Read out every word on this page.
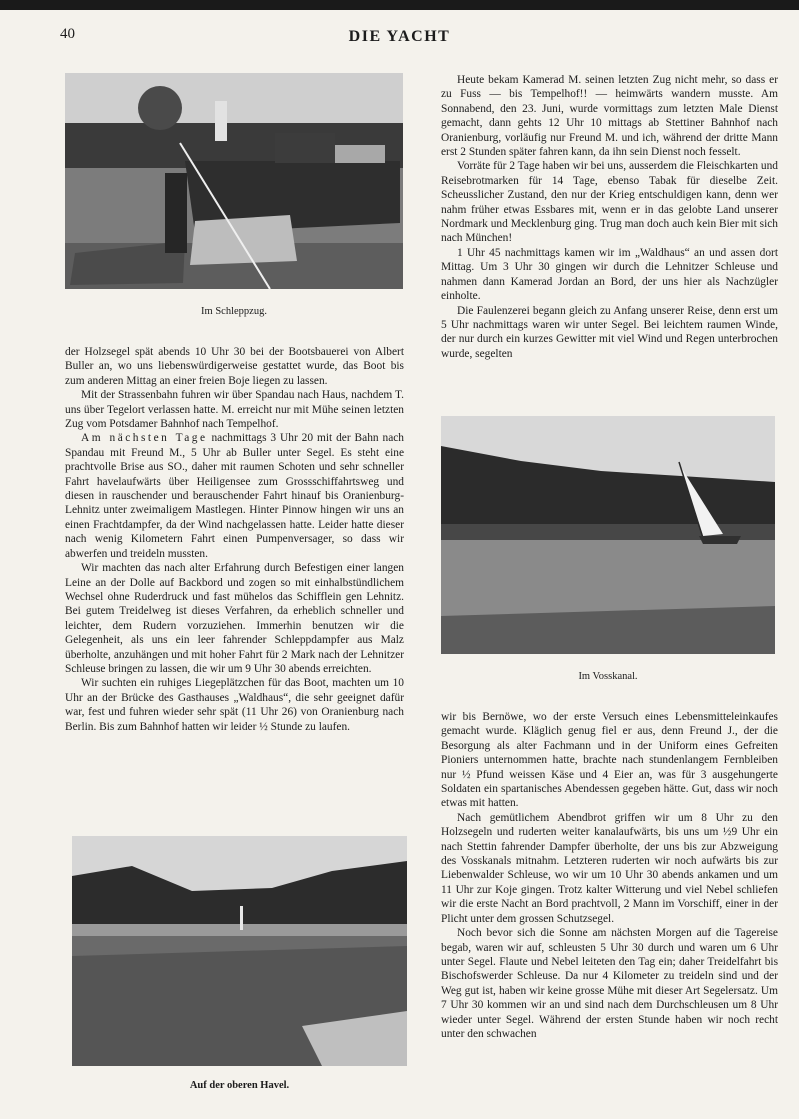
40	DIE YACHT
Im Schleppzug.

der Holzsegel spät abends 10 Uhr 30 bei der Bootsbauerei von Albert Buller an, wo uns liebenswürdigerweise gestattet wurde, das Boot bis zum anderen Mittag an einer freien Boje liegen zu lassen.

Mit der Strassenbahn fuhren wir über Spandau nach Haus, nachdem T. uns über Tegelort verlassen hatte. M. erreicht nur mit Mühe seinen letzten Zug vom Potsdamer Bahnhof nach Tempelhof.

Am nächsten Tage nachmittags 3 Uhr 20 mit der Bahn nach Spandau mit Freund M., 5 Uhr ab Buller unter Segel. Es steht eine prachtvolle Brise aus SO., daher mit raumen Schoten und sehr schneller Fahrt havelaufwärts über Heiligensee zum Grossschiffahrtsweg und diesen in rauschender und berauschender Fahrt hinauf bis Oranienburg-Lehnitz unter zweimaligem Mastlegen. Hinter Pinnow hingen wir uns an einen Frachtdampfer, da der Wind nachgelassen hatte. Leider hatte dieser nach wenig Kilometern Fahrt einen Pumpenversager, so dass wir abwerfen und treideln mussten.

Wir machten das nach alter Erfahrung durch Befestigen einer langen Leine an der Dolle auf Backbord und zogen so mit einhalbstündlichem Wechsel ohne Ruderdruck und fast mühelos das Schifflein gen Lehnitz. Bei gutem Treidelweg ist dieses Verfahren, da erheblich schneller und leichter, dem Rudern vorzuziehen. Immerhin benutzen wir die Gelegenheit, als uns ein leer fahrender Schleppdampfer aus Malz überholte, anzuhängen und mit hoher Fahrt für 2 Mark nach der Lehnitzer Schleuse bringen zu lassen, die wir um 9 Uhr 30 abends erreichten.

Wir suchten ein ruhiges Liegeplätzchen für das Boot, machten um 10 Uhr an der Brücke des Gasthauses „Waldhaus“, die sehr geeignet dafür war, fest und fuhren wieder sehr spät (11 Uhr 26) von Oranienburg nach Berlin. Bis zum Bahnhof hatten wir leider ½ Stunde zu laufen.

Auf der oberen Havel.

Heute bekam Kamerad M. seinen letzten Zug nicht mehr, so dass er zu Fuss — bis Tempelhof!! — heimwärts wandern musste. Am Sonnabend, den 23. Juni, wurde vormittags zum letzten Male Dienst gemacht, dann gehts 12 Uhr 10 mittags ab Stettiner Bahnhof nach Oranienburg, vorläufig nur Freund M. und ich, während der dritte Mann erst 2 Stunden später fahren kann, da ihn sein Dienst noch fesselt.

Vorräte für 2 Tage haben wir bei uns, ausserdem die Fleischkarten und Reisebrotmarken für 14 Tage, ebenso Tabak für dieselbe Zeit. Scheusslicher Zustand, den nur der Krieg entschuldigen kann, denn wer nahm früher etwas Essbares mit, wenn er in das gelobte Land unserer Nordmark und Mecklenburg ging. Trug man doch auch kein Bier mit sich nach München!

1 Uhr 45 nachmittags kamen wir im „Waldhaus“ an und assen dort Mittag. Um 3 Uhr 30 gingen wir durch die Lehnitzer Schleuse und nahmen dann Kamerad Jordan an Bord, der uns hier als Nachzügler einholte.

Die Faulenzerei begann gleich zu Anfang unserer Reise, denn erst um 5 Uhr nachmittags waren wir unter Segel. Bei leichtem raumen Winde, der nur durch ein kurzes Gewitter mit viel Wind und Regen unterbrochen wurde, segelten

Im Vosskanal.

wir bis Bernöwe, wo der erste Versuch eines Lebensmitteleinkaufes gemacht wurde. Kläglich genug fiel er aus, denn Freund J., der die Besorgung als alter Fachmann und in der Uniform eines Gefreiten Pioniers unternommen hatte, brachte nach stundenlangem Fernbleiben nur ½ Pfund weissen Käse und 4 Eier an, was für 3 ausgehungerte Soldaten ein spartanisches Abendessen gegeben hätte. Gut, dass wir noch etwas mit hatten.

Nach gemütlichem Abendbrot griffen wir um 8 Uhr zu den Holzsegeln und ruderten weiter kanalaufwärts, bis uns um ½9 Uhr ein nach Stettin fahrender Dampfer überholte, der uns bis zur Abzweigung des Vosskanals mitnahm. Letzteren ruderten wir noch aufwärts bis zur Liebenwalder Schleuse, wo wir um 10 Uhr 30 abends ankamen und um 11 Uhr zur Koje gingen. Trotz kalter Witterung und viel Nebel schliefen wir die erste Nacht an Bord prachtvoll, 2 Mann im Vorschiff, einer in der Plicht unter dem grossen Schutzsegel.

Noch bevor sich die Sonne am nächsten Morgen auf die Tagereise begab, waren wir auf, schleusten 5 Uhr 30 durch und waren um 6 Uhr unter Segel. Flaute und Nebel leiteten den Tag ein; daher Treidelfahrt bis Bischofswerder Schleuse. Da nur 4 Kilometer zu treideln sind und der Weg gut ist, haben wir keine grosse Mühe mit dieser Art Segelersatz. Um 7 Uhr 30 kommen wir an und sind nach dem Durchschleusen um 8 Uhr wieder unter Segel. Während der ersten Stunde haben wir noch recht unter den schwachen
